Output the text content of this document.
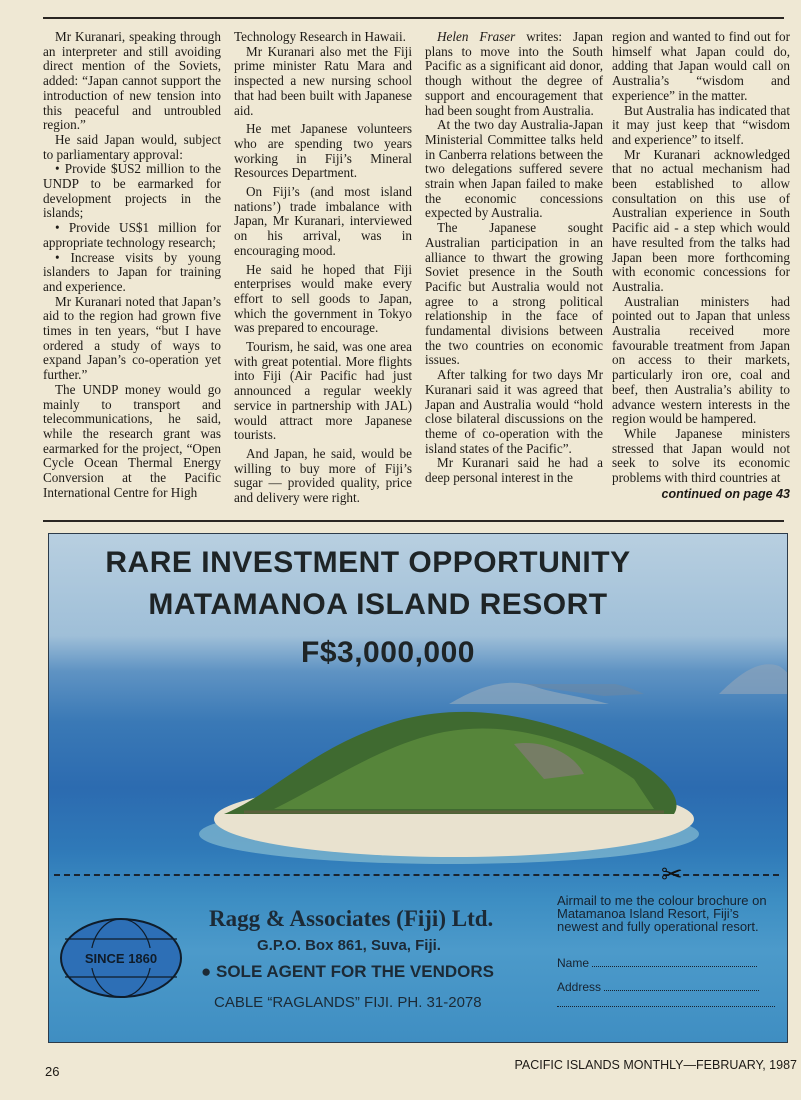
Mr Kuranari, speaking through an interpreter and still avoiding direct mention of the Soviets, added: “Japan cannot support the introduction of new tension into this peaceful and untroubled region.”

He said Japan would, subject to parliamentary approval:

• Provide $US2 million to the UNDP to be earmarked for development projects in the islands;

• Provide US$1 million for appropriate technology research;

• Increase visits by young islanders to Japan for training and experience.

Mr Kuranari noted that Japan’s aid to the region had grown five times in ten years, “but I have ordered a study of ways to expand Japan’s co-operation yet further.”

The UNDP money would go mainly to transport and telecommunications, he said, while the research grant was earmarked for the project, “Open Cycle Ocean Thermal Energy Conversion at the Pacific International Centre for High

Technology Research in Hawaii.

Mr Kuranari also met the Fiji prime minister Ratu Mara and inspected a new nursing school that had been built with Japanese aid.

He met Japanese volunteers who are spending two years working in Fiji’s Mineral Resources Department.

On Fiji’s (and most island nations’) trade imbalance with Japan, Mr Kuranari, interviewed on his arrival, was in encouraging mood.

He said he hoped that Fiji enterprises would make every effort to sell goods to Japan, which the government in Tokyo was prepared to encourage.

Tourism, he said, was one area with great potential. More flights into Fiji (Air Pacific had just announced a regular weekly service in partnership with JAL) would attract more Japanese tourists.

And Japan, he said, would be willing to buy more of Fiji’s sugar — provided quality, price and delivery were right.

Helen Fraser writes: Japan plans to move into the South Pacific as a significant aid donor, though without the degree of support and encouragement that had been sought from Australia.

At the two day Australia-Japan Ministerial Committee talks held in Canberra relations between the two delegations suffered severe strain when Japan failed to make the economic concessions expected by Australia.

The Japanese sought Australian participation in an alliance to thwart the growing Soviet presence in the South Pacific but Australia would not agree to a strong political relationship in the face of fundamental divisions between the two countries on economic issues.

After talking for two days Mr Kuranari said it was agreed that Japan and Australia would “hold close bilateral discussions on the theme of co-operation with the island states of the Pacific”.

Mr Kuranari said he had a deep personal interest in the

region and wanted to find out for himself what Japan could do, adding that Japan would call on Australia’s “wisdom and experience” in the matter.

But Australia has indicated that it may just keep that “wisdom and experience” to itself.

Mr Kuranari acknowledged that no actual mechanism had been established to allow consultation on this use of Australian experience in South Pacific aid - a step which would have resulted from the talks had Japan been more forthcoming with economic concessions for Australia.

Australian ministers had pointed out to Japan that unless Australia received more favourable treatment from Japan on access to their markets, particularly iron ore, coal and beef, then Australia’s ability to advance western interests in the region would be hampered.

While Japanese ministers stressed that Japan would not seek to solve its economic problems with third countries at

continued on page 43
RARE INVESTMENT OPPORTUNITY
MATAMANOA ISLAND RESORT
F$3,000,000
✂
SINCE 1860
Ragg & Associates (Fiji) Ltd.
G.P.O. Box 861, Suva, Fiji.
● SOLE AGENT FOR THE VENDORS
CABLE “RAGLANDS” FIJI. PH. 31-2078
Airmail to me the colour brochure on Matamanoa Island Resort, Fiji’s newest and fully operational resort.
Name
Address
26	PACIFIC ISLANDS MONTHLY—FEBRUARY, 1987
